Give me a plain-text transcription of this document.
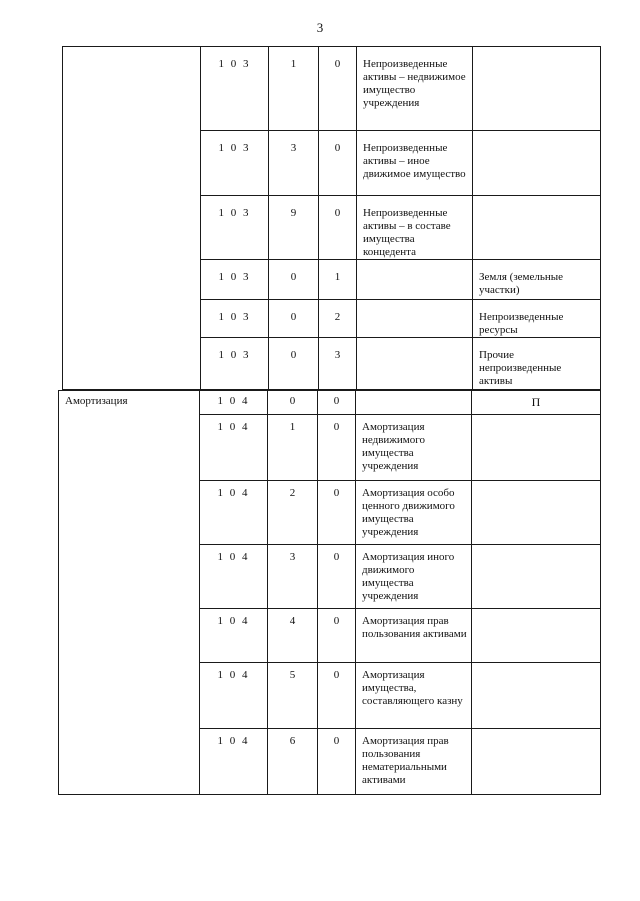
3
	1 0 3	1	0	Непроизведенные активы – недвижимое имущество учреждения	
	1 0 3	3	0	Непроизведенные активы – иное движимое имущество	
	1 0 3	9	0	Непроизведенные активы – в составе имущества концедента	
	1 0 3	0	1		Земля (земельные участки)
	1 0 3	0	2		Непроизведенные ресурсы
	1 0 3	0	3		Прочие непроизведенные активы
Амортизация	1 0 4	0	0		П
	1 0 4	1	0	Амортизация недвижимого имущества учреждения	
	1 0 4	2	0	Амортизация особо ценного движимого имущества учреждения	
	1 0 4	3	0	Амортизация иного движимого имущества учреждения	
	1 0 4	4	0	Амортизация прав пользования активами	
	1 0 4	5	0	Амортизация имущества, составляющего казну	
	1 0 4	6	0	Амортизация прав пользования нематериальными активами	
